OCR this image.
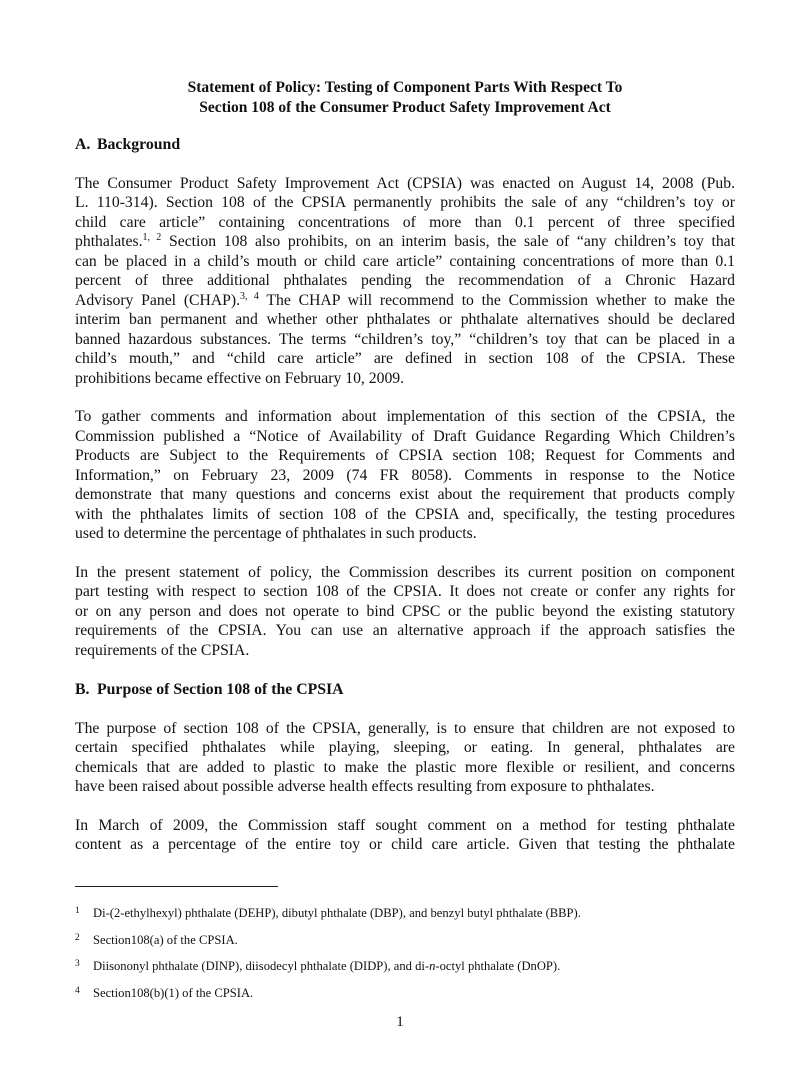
Statement of Policy: Testing of Component Parts With Respect To
Section 108 of the Consumer Product Safety Improvement Act
A. Background
The Consumer Product Safety Improvement Act (CPSIA) was enacted on August 14, 2008 (Pub.
L. 110-314). Section 108 of the CPSIA permanently prohibits the sale of any “children’s toy or
child care article” containing concentrations of more than 0.1 percent of three specified
phthalates.$^{1, 2}$ Section 108 also prohibits, on an interim basis, the sale of “any children’s toy that
can be placed in a child’s mouth or child care article” containing concentrations of more than 0.1
percent of three additional phthalates pending the recommendation of a Chronic Hazard
Advisory Panel (CHAP).$^{3, 4}$ The CHAP will recommend to the Commission whether to make the
interim ban permanent and whether other phthalates or phthalate alternatives should be declared
banned hazardous substances. The terms “children’s toy,” “children’s toy that can be placed in a
child’s mouth,” and “child care article” are defined in section 108 of the CPSIA. These
prohibitions became effective on February 10, 2009.
To gather comments and information about implementation of this section of the CPSIA, the
Commission published a “Notice of Availability of Draft Guidance Regarding Which Children’s
Products are Subject to the Requirements of CPSIA section 108; Request for Comments and
Information,” on February 23, 2009 (74 FR 8058). Comments in response to the Notice
demonstrate that many questions and concerns exist about the requirement that products comply
with the phthalates limits of section 108 of the CPSIA and, specifically, the testing procedures
used to determine the percentage of phthalates in such products.
In the present statement of policy, the Commission describes its current position on component
part testing with respect to section 108 of the CPSIA. It does not create or confer any rights for
or on any person and does not operate to bind CPSC or the public beyond the existing statutory
requirements of the CPSIA. You can use an alternative approach if the approach satisfies the
requirements of the CPSIA.
B. Purpose of Section 108 of the CPSIA
The purpose of section 108 of the CPSIA, generally, is to ensure that children are not exposed to
certain specified phthalates while playing, sleeping, or eating. In general, phthalates are
chemicals that are added to plastic to make the plastic more flexible or resilient, and concerns
have been raised about possible adverse health effects resulting from exposure to phthalates.
In March of 2009, the Commission staff sought comment on a method for testing phthalate
content as a percentage of the entire toy or child care article. Given that testing the phthalate
1	Di-(2-ethylhexyl) phthalate (DEHP), dibutyl phthalate (DBP), and benzyl butyl phthalate (BBP).
2	Section108(a) of the CPSIA.
3	Diisononyl phthalate (DINP), diisodecyl phthalate (DIDP), and di-n-octyl phthalate (DnOP).
4	Section108(b)(1) of the CPSIA.
1
